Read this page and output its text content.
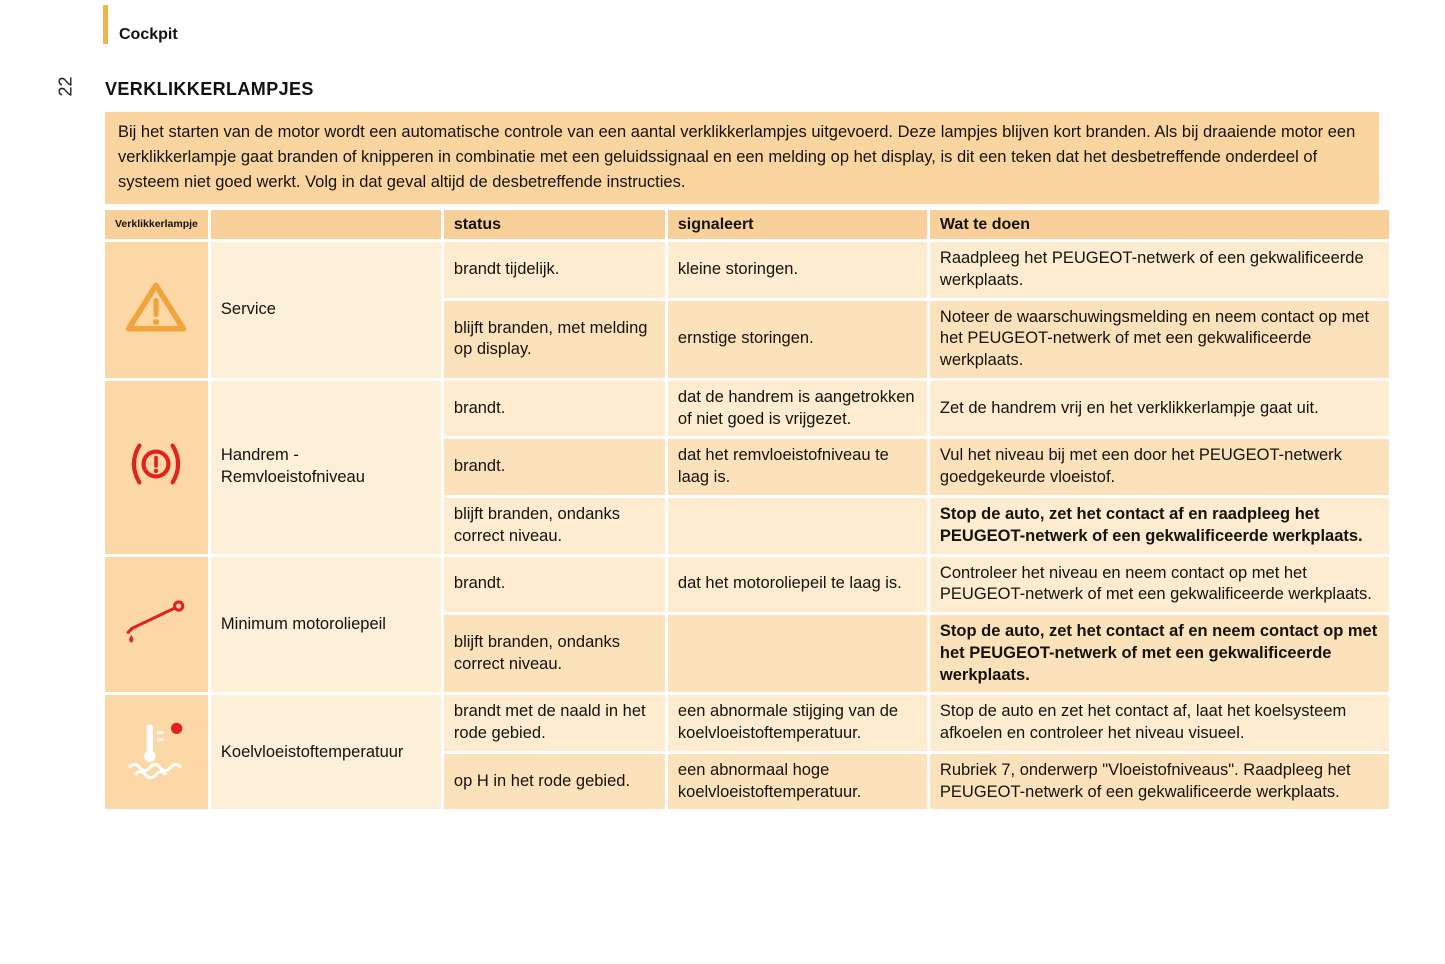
Cockpit
22 VERKLIKKERLAMPJES
Bij het starten van de motor wordt een automatische controle van een aantal verklikkerlampjes uitgevoerd. Deze lampjes blijven kort branden. Als bij draaiende motor een verklikkerlampje gaat branden of knipperen in combinatie met een geluidssignaal en een melding op het display, is dit een teken dat het desbetreffende onderdeel of systeem niet goed werkt. Volg in dat geval altijd de desbetreffende instructies.
Verklikkerlampje		status	signaleert	Wat te doen
	Service	brandt tijdelijk.	kleine storingen.	Raadpleeg het PEUGEOT-netwerk of een gekwalificeerde werkplaats.
		blijft branden, met melding op display.	ernstige storingen.	Noteer de waarschuwingsmelding en neem contact op met het PEUGEOT-netwerk of met een gekwalificeerde werkplaats.
	Handrem - Remvloeistofniveau	brandt.	dat de handrem is aangetrokken of niet goed is vrijgezet.	Zet de handrem vrij en het verklikkerlampje gaat uit.
		brandt.	dat het remvloeistofniveau te laag is.	Vul het niveau bij met een door het PEUGEOT-netwerk goedgekeurde vloeistof.
		blijft branden, ondanks correct niveau.		Stop de auto, zet het contact af en raadpleeg het PEUGEOT-netwerk of een gekwalificeerde werkplaats.
	Minimum motoroliepeil	brandt.	dat het motoroliepeil te laag is.	Controleer het niveau en neem contact op met het PEUGEOT-netwerk of met een gekwalificeerde werkplaats.
		blijft branden, ondanks correct niveau.		Stop de auto, zet het contact af en neem contact op met het PEUGEOT-netwerk of met een gekwalificeerde werkplaats.
	Koelvloeistoftemperatuur	brandt met de naald in het rode gebied.	een abnormale stijging van de koelvloeistoftemperatuur.	Stop de auto en zet het contact af, laat het koelsysteem afkoelen en controleer het niveau visueel.
		op H in het rode gebied.	een abnormaal hoge koelvloeistoftemperatuur.	Rubriek 7, onderwerp "Vloeistofniveaus". Raadpleeg het PEUGEOT-netwerk of een gekwalificeerde werkplaats.
